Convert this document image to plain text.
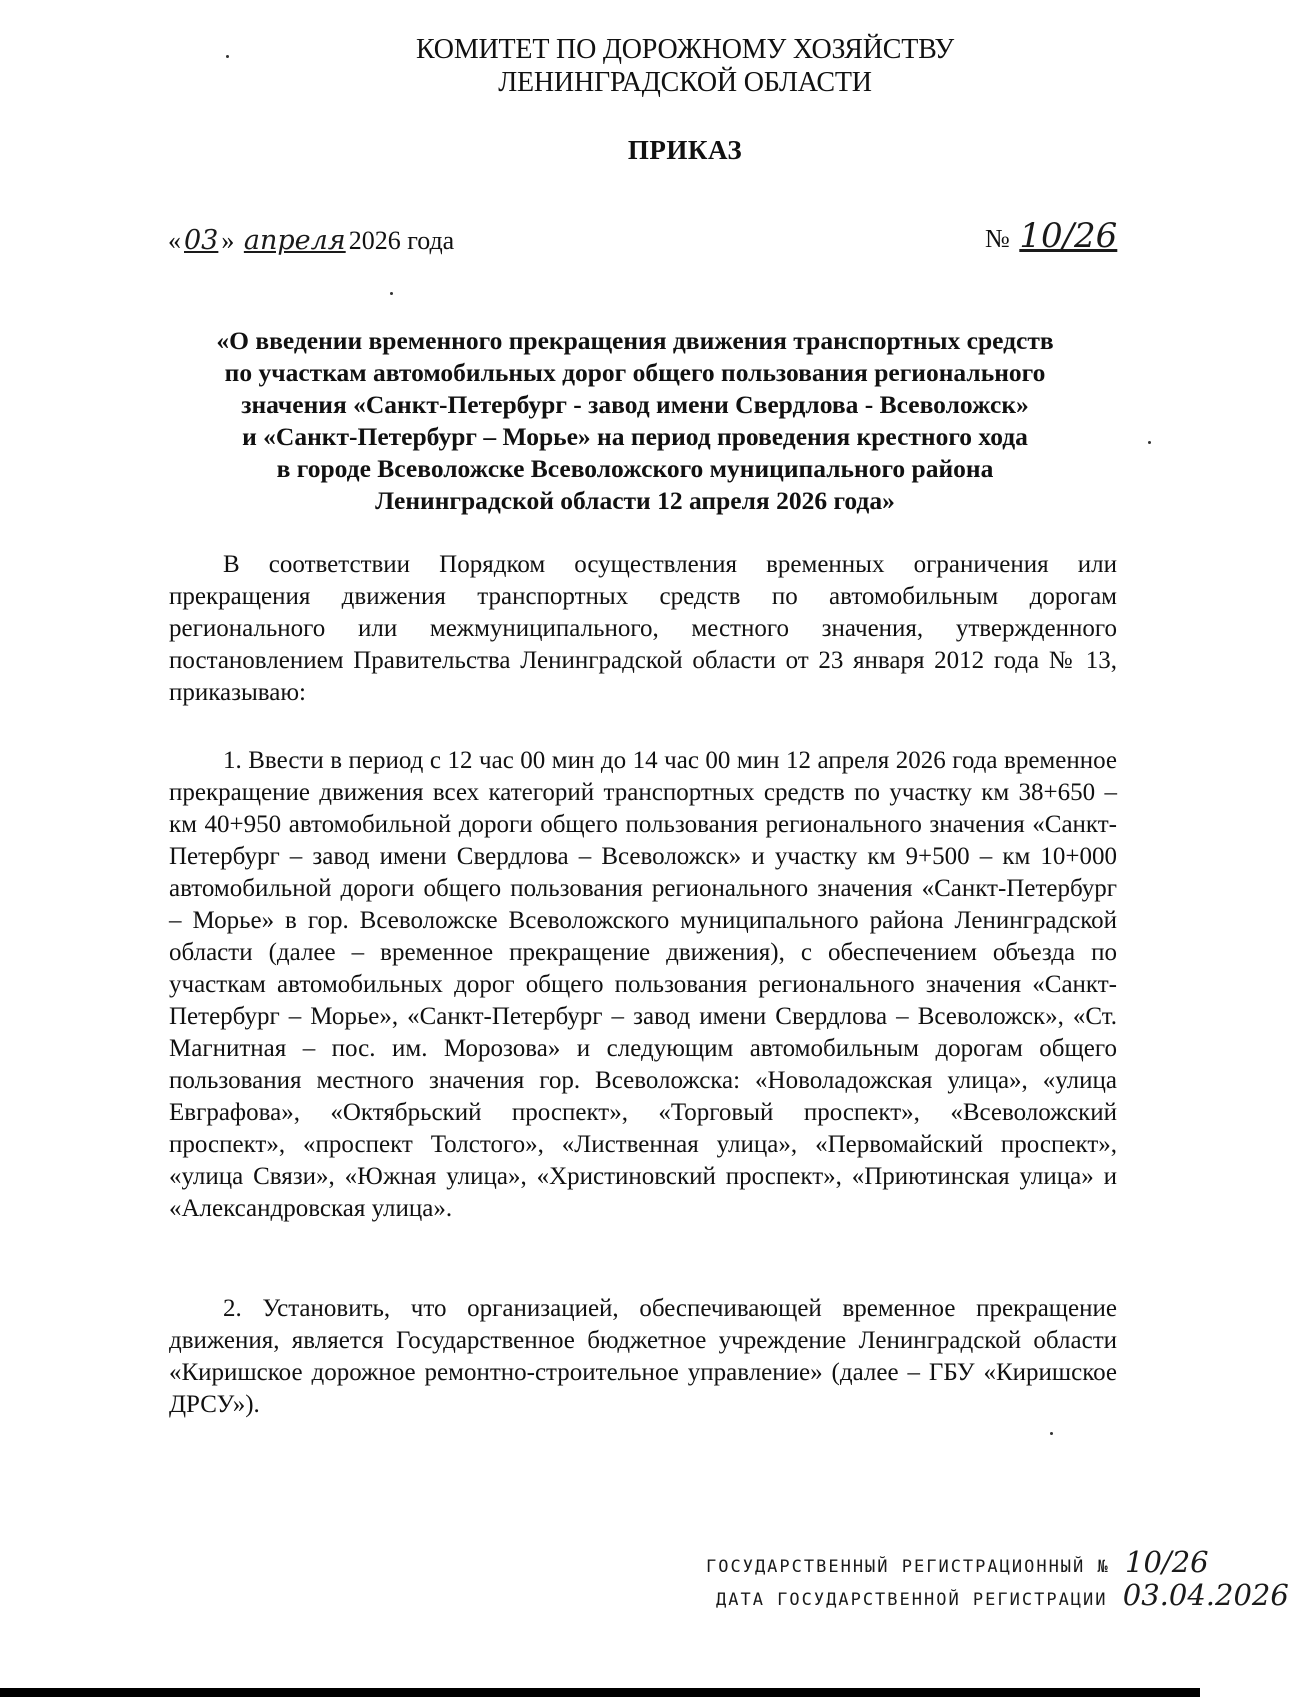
КОМИТЕТ ПО ДОРОЖНОМУ ХОЗЯЙСТВУ
ЛЕНИНГРАДСКОЙ ОБЛАСТИ
ПРИКАЗ
« 03 » апреля 2026 года	№ 10/26
«О введении временного прекращения движения транспортных средств
по участкам автомобильных дорог общего пользования регионального
значения «Санкт-Петербург - завод имени Свердлова - Всеволожск»
и «Санкт-Петербург – Морье» на период проведения крестного хода
в городе Всеволожске Всеволожского муниципального района
Ленинградской области 12 апреля 2026 года»
В соответствии Порядком осуществления временных ограничения или прекращения движения транспортных средств по автомобильным дорогам регионального или межмуниципального, местного значения, утвержденного постановлением Правительства Ленинградской области от 23 января 2012 года № 13, приказываю:
1. Ввести в период с 12 час 00 мин до 14 час 00 мин 12 апреля 2026 года временное прекращение движения всех категорий транспортных средств по участку км 38+650 – км 40+950 автомобильной дороги общего пользования регионального значения «Санкт-Петербург – завод имени Свердлова – Всеволожск» и участку км 9+500 – км 10+000 автомобильной дороги общего пользования регионального значения «Санкт-Петербург – Морье» в гор. Всеволожске Всеволожского муниципального района Ленинградской области (далее – временное прекращение движения), с обеспечением объезда по участкам автомобильных дорог общего пользования регионального значения «Санкт-Петербург – Морье», «Санкт-Петербург – завод имени Свердлова – Всеволожск», «Ст. Магнитная – пос. им. Морозова» и следующим автомобильным дорогам общего пользования местного значения гор. Всеволожска: «Новоладожская улица», «улица Евграфова», «Октябрьский проспект», «Торговый проспект», «Всеволожский проспект», «проспект Толстого», «Лиственная улица», «Первомайский проспект», «улица Связи», «Южная улица», «Христиновский проспект», «Приютинская улица» и «Александровская улица».
2. Установить, что организацией, обеспечивающей временное прекращение движения, является Государственное бюджетное учреждение Ленинградской области «Киришское дорожное ремонтно-строительное управление» (далее – ГБУ «Киришское ДРСУ»).
ГОСУДАРСТВЕННЫЙ РЕГИСТРАЦИОННЫЙ № 10/26
ДАТА ГОСУДАРСТВЕННОЙ РЕГИСТРАЦИИ 03.04.2026
